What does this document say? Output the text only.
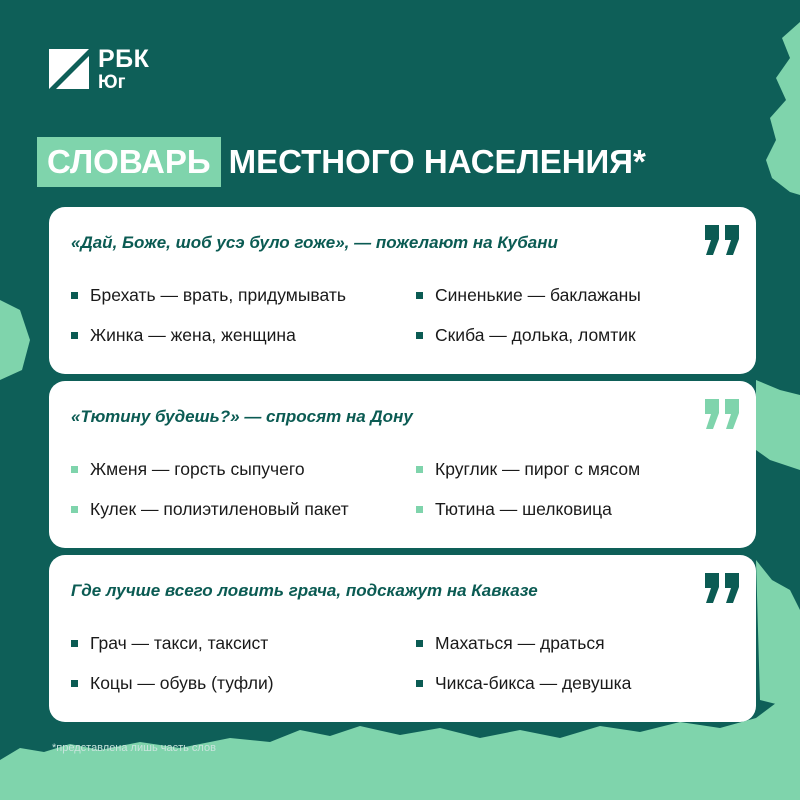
РБК
Юг
СЛОВАРЬ МЕСТНОГО НАСЕЛЕНИЯ*
«Дай, Боже, шоб усэ було гоже», — пожелают на Кубани
Брехать — врать, придумывать	Синенькие — баклажаны
Жинка — жена, женщина	Скиба — долька, ломтик
«Тютину будешь?» — спросят на Дону
Жменя — горсть сыпучего	Круглик — пирог с мясом
Кулек — полиэтиленовый пакет	Тютина — шелковица
Где лучше всего ловить грача, подскажут на Кавказе
Грач — такси, таксист	Махаться — драться
Коцы — обувь (туфли)	Чикса-бикса — девушка
*представлена лишь часть слов
